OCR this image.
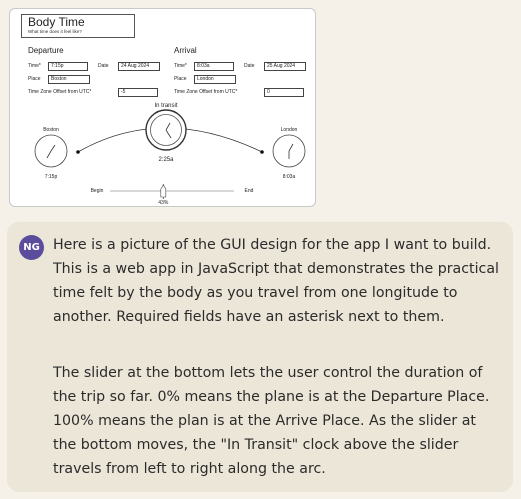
Body Time
What time does it feel like?
Departure
Time*	7:15p	Date	24 Aug 2024
Place	Boston
Time Zone Offset from UTC*	-5
Arrival
Time*	8:03a	Date	25 Aug 2024
Place	London
Time Zone Offset from UTC*	0
Boston
7:15p
In transit
2:25a
London
8:03a
Begin	End
43%
NG Here is a picture of the GUI design for the app I want to build. This is a web app in JavaScript that demonstrates the practical time felt by the body as you travel from one longitude to another. Required fields have an asterisk next to them.

The slider at the bottom lets the user control the duration of the trip so far. 0% means the plane is at the Departure Place. 100% means the plan is at the Arrive Place. As the slider at the bottom moves, the "In Transit" clock above the slider travels from left to right along the arc.
